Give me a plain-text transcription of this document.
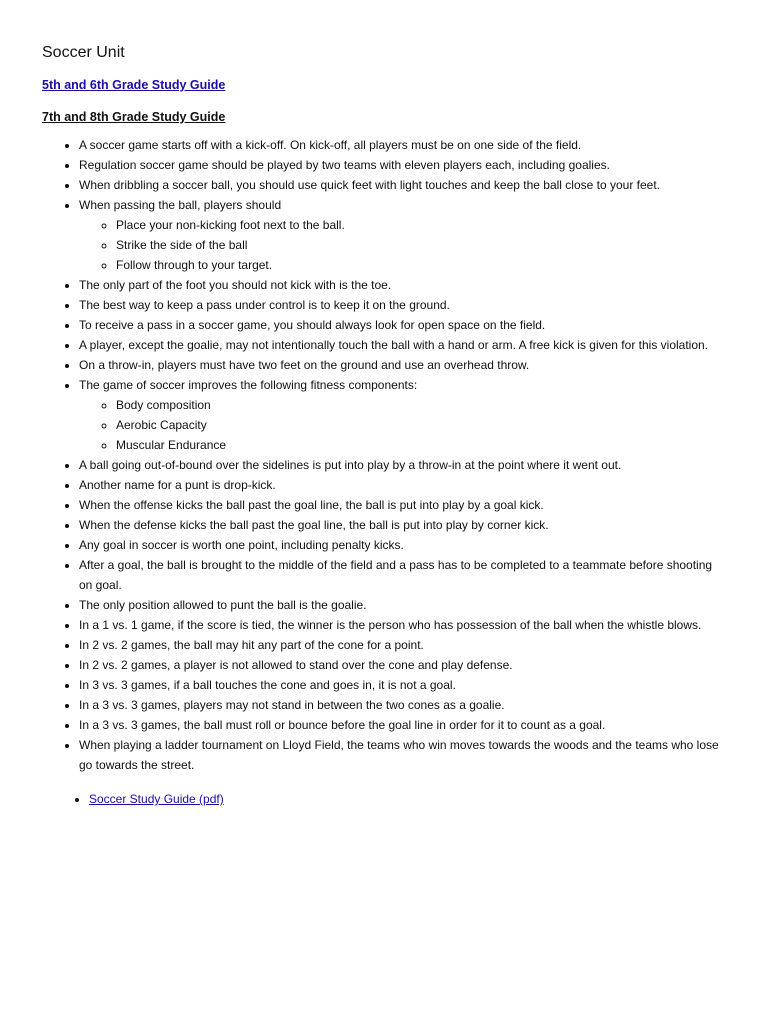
Soccer Unit
5th and 6th Grade Study Guide
7th and 8th Grade Study Guide
• A soccer game starts off with a kick-off. On kick-off, all players must be on one side of the field.
• Regulation soccer game should be played by two teams with eleven players each, including goalies.
• When dribbling a soccer ball, you should use quick feet with light touches and keep the ball close to your feet.
• When passing the ball, players should
◦ Place your non-kicking foot next to the ball.
◦ Strike the side of the ball
◦ Follow through to your target.
• The only part of the foot you should not kick with is the toe.
• The best way to keep a pass under control is to keep it on the ground.
• To receive a pass in a soccer game, you should always look for open space on the field.
• A player, except the goalie, may not intentionally touch the ball with a hand or arm. A free kick is given for this violation.
• On a throw-in, players must have two feet on the ground and use an overhead throw.
• The game of soccer improves the following fitness components:
◦ Body composition
◦ Aerobic Capacity
◦ Muscular Endurance
• A ball going out-of-bound over the sidelines is put into play by a throw-in at the point where it went out.
• Another name for a punt is drop-kick.
• When the offense kicks the ball past the goal line, the ball is put into play by a goal kick.
• When the defense kicks the ball past the goal line, the ball is put into play by corner kick.
• Any goal in soccer is worth one point, including penalty kicks.
• After a goal, the ball is brought to the middle of the field and a pass has to be completed to a teammate before shooting on goal.
• The only position allowed to punt the ball is the goalie.
• In a 1 vs. 1 game, if the score is tied, the winner is the person who has possession of the ball when the whistle blows.
• In 2 vs. 2 games, the ball may hit any part of the cone for a point.
• In 2 vs. 2 games, a player is not allowed to stand over the cone and play defense.
• In 3 vs. 3 games, if a ball touches the cone and goes in, it is not a goal.
• In a 3 vs. 3 games, players may not stand in between the two cones as a goalie.
• In a 3 vs. 3 games, the ball must roll or bounce before the goal line in order for it to count as a goal.
• When playing a ladder tournament on Lloyd Field, the teams who win moves towards the woods and the teams who lose go towards the street.
• Soccer Study Guide (pdf)
